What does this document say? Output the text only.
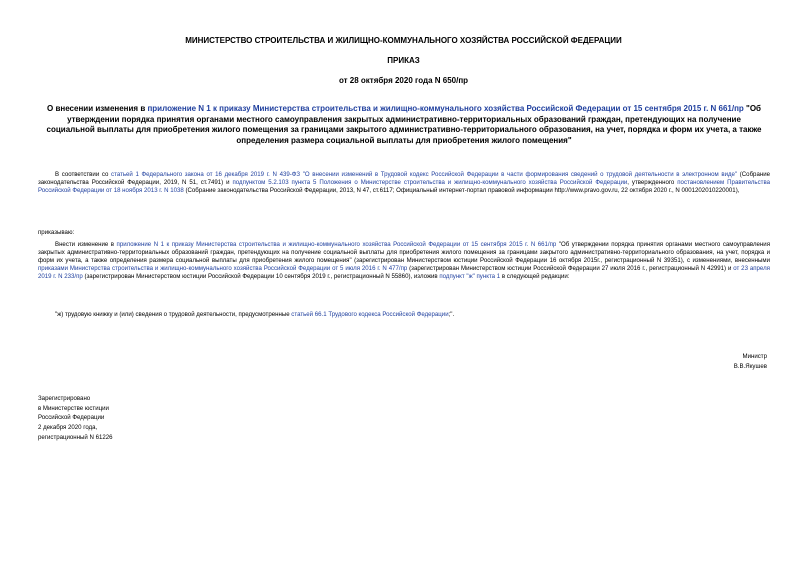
МИНИСТЕРСТВО СТРОИТЕЛЬСТВА И ЖИЛИЩНО-КОММУНАЛЬНОГО ХОЗЯЙСТВА РОССИЙСКОЙ ФЕДЕРАЦИИ
ПРИКАЗ
от 28 октября 2020 года N 650/пр
О внесении изменения в приложение N 1 к приказу Министерства строительства и жилищно-коммунального хозяйства Российской Федерации от 15 сентября 2015 г. N 661/пр "Об утверждении порядка принятия органами местного самоуправления закрытых административно-территориальных образований граждан, претендующих на получение социальной выплаты для приобретения жилого помещения за границами закрытого административно-территориального образования, на учет, порядка и форм их учета, а также определения размера социальной выплаты для приобретения жилого помещения"
В соответствии со статьей 1 Федерального закона от 16 декабря 2019 г. N 439-ФЗ "О внесении изменений в Трудовой кодекс Российской Федерации в части формирования сведений о трудовой деятельности в электронном виде" (Собрание законодательства Российской Федерации, 2019, N 51, ст.7491) и подпунктом 5.2.103 пункта 5 Положения о Министерстве строительства и жилищно-коммунального хозяйства Российской Федерации, утвержденного постановлением Правительства Российской Федерации от 18 ноября 2013 г. N 1038 (Собрание законодательства Российской Федерации, 2013, N 47, ст.6117; Официальный интернет-портал правовой информации http://www.pravo.gov.ru, 22 октября 2020 г., N 0001202010220001),
приказываю:
Внести изменение в приложение N 1 к приказу Министерства строительства и жилищно-коммунального хозяйства Российской Федерации от 15 сентября 2015 г. N 661/пр "Об утверждении порядка принятия органами местного самоуправления закрытых административно-территориальных образований граждан, претендующих на получение социальной выплаты для приобретения жилого помещения за границами закрытого административно-территориального образования, на учет, порядка и форм их учета, а также определения размера социальной выплаты для приобретения жилого помещения" (зарегистрирован Министерством юстиции Российской Федерации 16 октября 2015г., регистрационный N 39351), с изменениями, внесенными приказами Министерства строительства и жилищно-коммунального хозяйства Российской Федерации от 5 июля 2016 г. N 477/пр (зарегистрирован Министерством юстиции Российской Федерации 27 июля 2016 г., регистрационный N 42991) и от 23 апреля 2019 г. N 233/пр (зарегистрирован Министерством юстиции Российской Федерации 10 сентября 2019 г., регистрационный N 55860), изложив подпункт "ж" пункта 1 в следующей редакции:
"ж) трудовую книжку и (или) сведения о трудовой деятельности, предусмотренные статьей 66.1 Трудового кодекса Российской Федерации;".
Министр
В.В.Якушев
Зарегистрировано
в Министерстве юстиции
Российской Федерации
2 декабря 2020 года,
регистрационный N 61226
